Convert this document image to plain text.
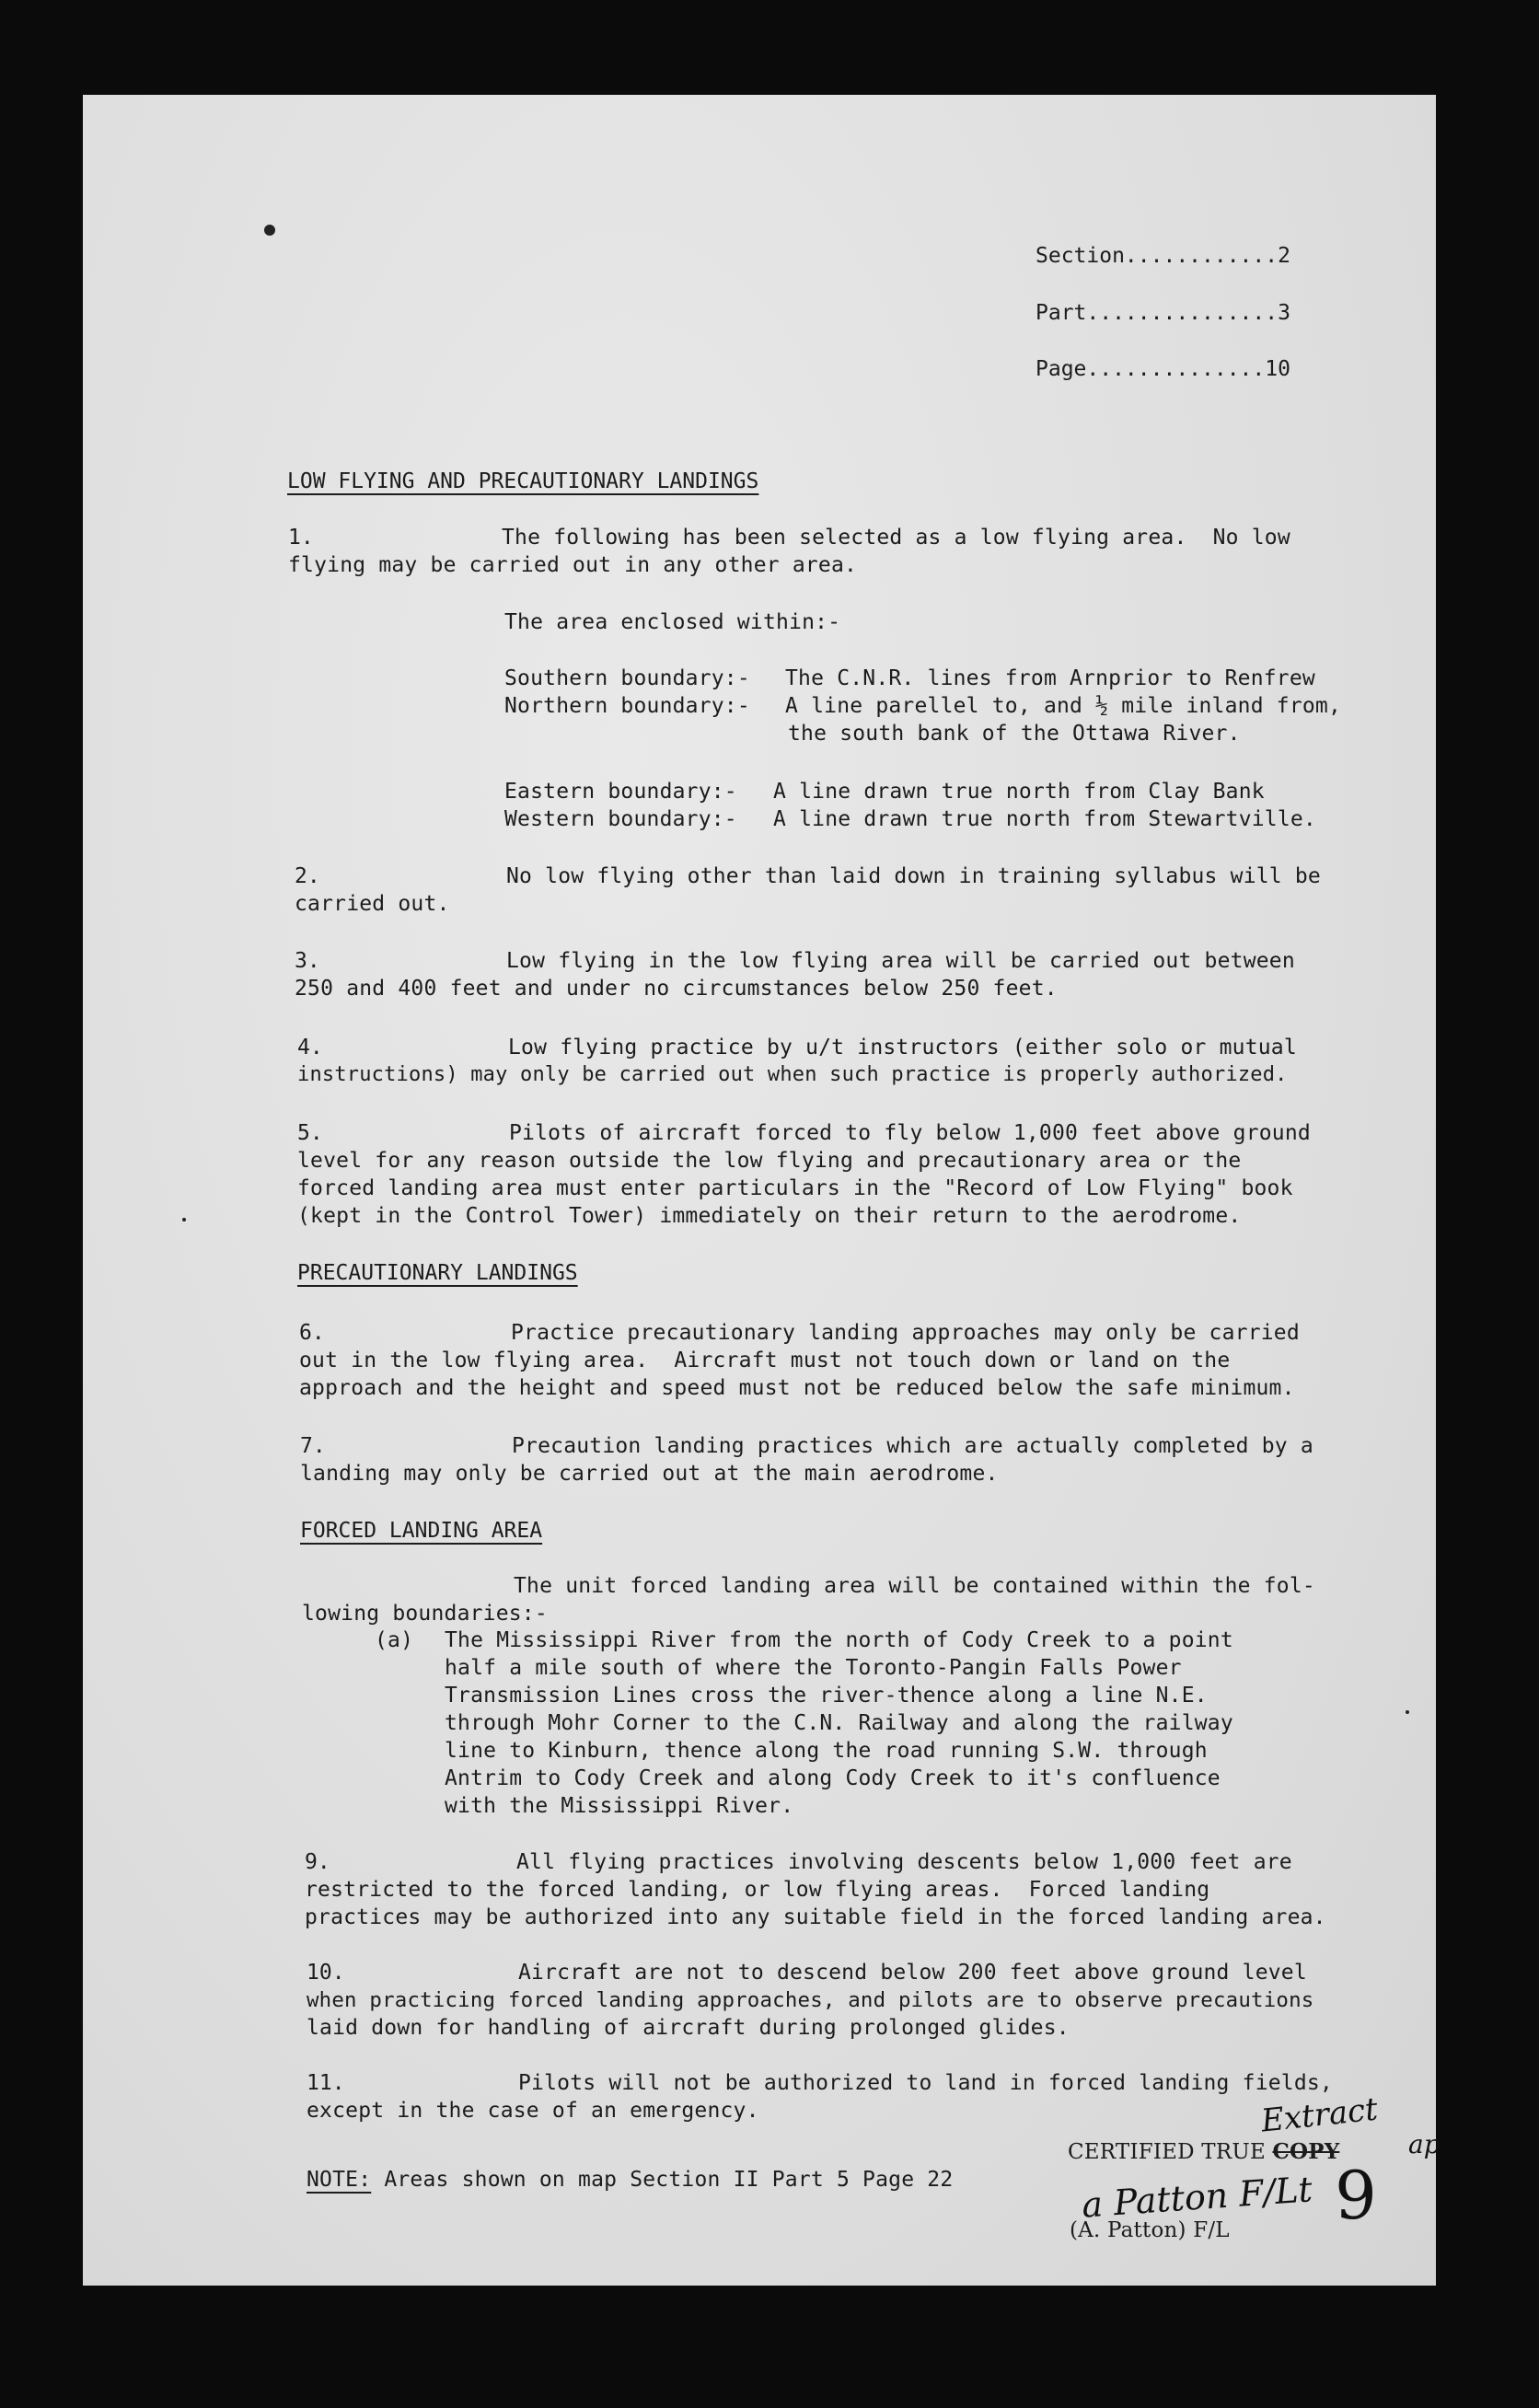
Section............2
Part...............3
Page..............10
LOW FLYING AND PRECAUTIONARY LANDINGS
1.	The following has been selected as a low flying area.  No low
flying may be carried out in any other area.
The area enclosed within:-
Southern boundary:- The C.N.R. lines from Arnprior to Renfrew
Northern boundary:- A line parellel to, and ½ mile inland from,
the south bank of the Ottawa River.
Eastern boundary:- A line drawn true north from Clay Bank
Western boundary:- A line drawn true north from Stewartville.
2.	No low flying other than laid down in training syllabus will be
carried out.
3.	Low flying in the low flying area will be carried out between
250 and 400 feet and under no circumstances below 250 feet.
4.	Low flying practice by u/t instructors (either solo or mutual
instructions) may only be carried out when such practice is properly authorized.
5.	Pilots of aircraft forced to fly below 1,000 feet above ground
level for any reason outside the low flying and precautionary area or the
forced landing area must enter particulars in the "Record of Low Flying" book
(kept in the Control Tower) immediately on their return to the aerodrome.
PRECAUTIONARY LANDINGS
6.	Practice precautionary landing approaches may only be carried
out in the low flying area.  Aircraft must not touch down or land on the
approach and the height and speed must not be reduced below the safe minimum.
7.	Precaution landing practices which are actually completed by a
landing may only be carried out at the main aerodrome.
FORCED LANDING AREA
The unit forced landing area will be contained within the fol-
lowing boundaries:-
(a) The Mississippi River from the north of Cody Creek to a point
half a mile south of where the Toronto-Pangin Falls Power
Transmission Lines cross the river-thence along a line N.E.
through Mohr Corner to the C.N. Railway and along the railway
line to Kinburn, thence along the road running S.W. through
Antrim to Cody Creek and along Cody Creek to it's confluence
with the Mississippi River.
9.	All flying practices involving descents below 1,000 feet are
restricted to the forced landing, or low flying areas.  Forced landing
practices may be authorized into any suitable field in the forced landing area.
10.	Aircraft are not to descend below 200 feet above ground level
when practicing forced landing approaches, and pilots are to observe precautions
laid down for handling of aircraft during prolonged glides.
11.	Pilots will not be authorized to land in forced landing fields,
except in the case of an emergency.
NOTE: Areas shown on map Section II Part 5 Page 22
CERTIFIED TRUE COPY
Extract
ap
a Patton F/Lt
(A. Patton) F/L 9
